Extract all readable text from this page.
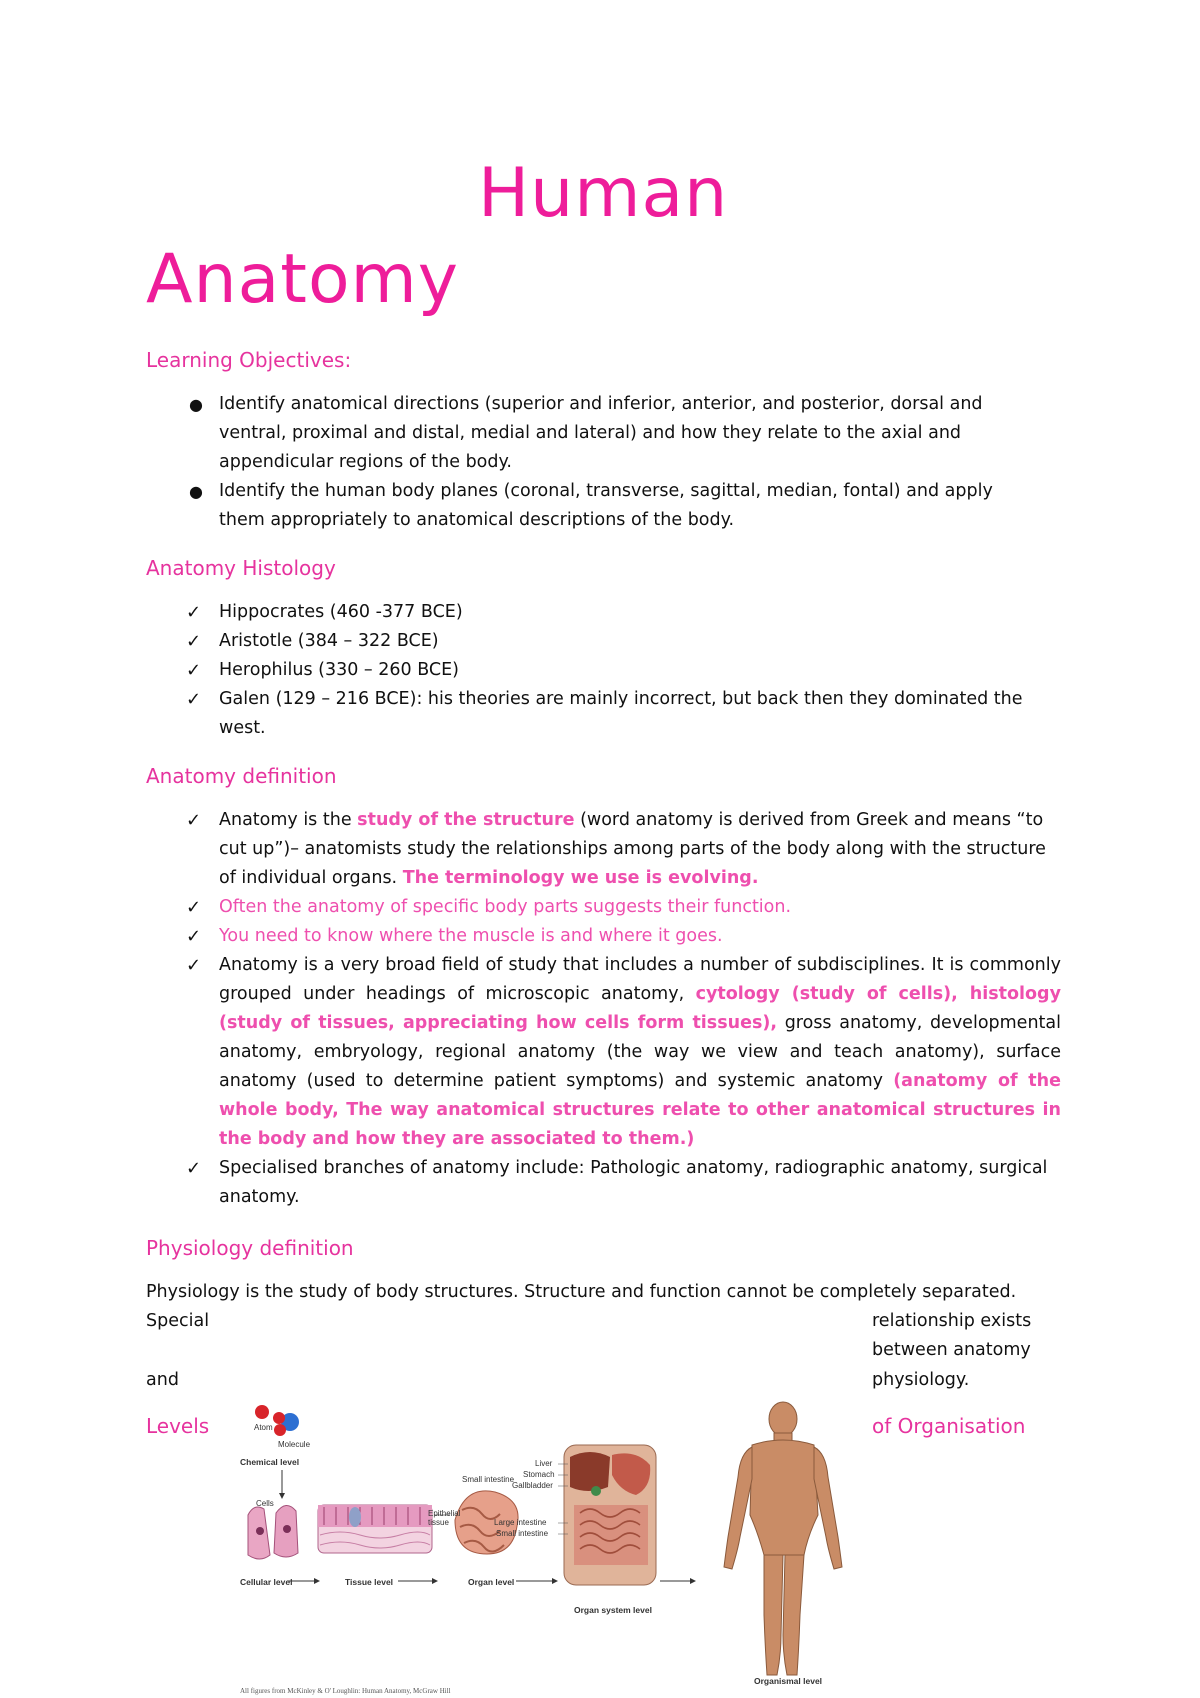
Human
Anatomy
Learning Objectives:
● Identify anatomical directions (superior and inferior, anterior, and posterior, dorsal and ventral, proximal and distal, medial and lateral) and how they relate to the axial and appendicular regions of the body.
● Identify the human body planes (coronal, transverse, sagittal, median, fontal) and apply them appropriately to anatomical descriptions of the body.
Anatomy Histology
✓ Hippocrates (460 -377 BCE)
✓ Aristotle (384 – 322 BCE)
✓ Herophilus (330 – 260 BCE)
✓ Galen (129 – 216 BCE): his theories are mainly incorrect, but back then they dominated the west.
Anatomy definition
✓ Anatomy is the study of the structure (word anatomy is derived from Greek and means “to cut up”)– anatomists study the relationships among parts of the body along with the structure of individual organs. The terminology we use is evolving.
✓ Often the anatomy of specific body parts suggests their function.
✓ You need to know where the muscle is and where it goes.
✓ Anatomy is a very broad field of study that includes a number of subdisciplines. It is commonly grouped under headings of microscopic anatomy, cytology (study of cells), histology (study of tissues, appreciating how cells form tissues), gross anatomy, developmental anatomy, embryology, regional anatomy (the way we view and teach anatomy), surface anatomy (used to determine patient symptoms) and systemic anatomy (anatomy of the whole body, The way anatomical structures relate to other anatomical structures in the body and how they are associated to them.)
✓ Specialised branches of anatomy include: Pathologic anatomy, radiographic anatomy, surgical anatomy.
Physiology definition
Physiology is the study of body structures. Structure and function cannot be completely separated.
Special	relationship exists
between anatomy
and	physiology.
Levels	of Organisation
Atom
Molecule
Chemical level
Cells
Cellular level	Tissue level
Epithelial tissue
Small intestine
Organ level
Liver
Stomach
Gallbladder
Large intestine
Small intestine
Organ system level
Organismal level
All figures from McKinley & O' Loughlin: Human Anatomy, McGraw Hill
